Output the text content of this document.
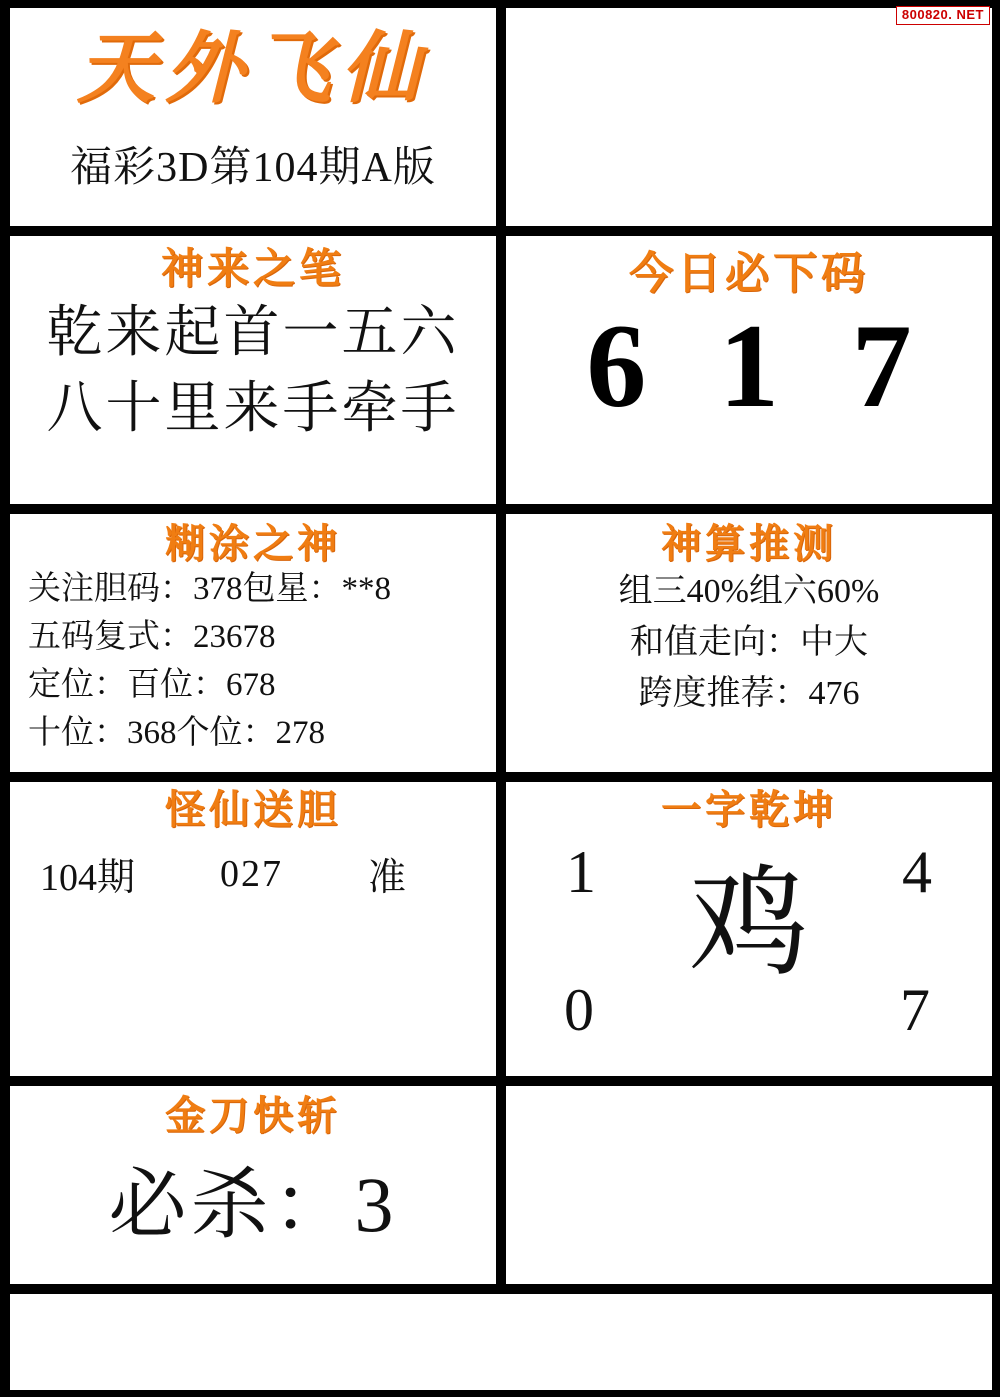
800820. NET
天外飞仙
福彩3D第104期A版
神来之笔
乾来起首一五六
八十里来手牵手
今日必下码
6 1 7
糊涂之神
关注胆码：378包星：**8
五码复式：23678
定位：百位：678
十位：368个位：278
神算推测
组三40%组六60%
和值走向：中大
跨度推荐：476
怪仙送胆
104期	027	准
一字乾坤
1	4
鸡
0	7
金刀快斩
必杀：3
